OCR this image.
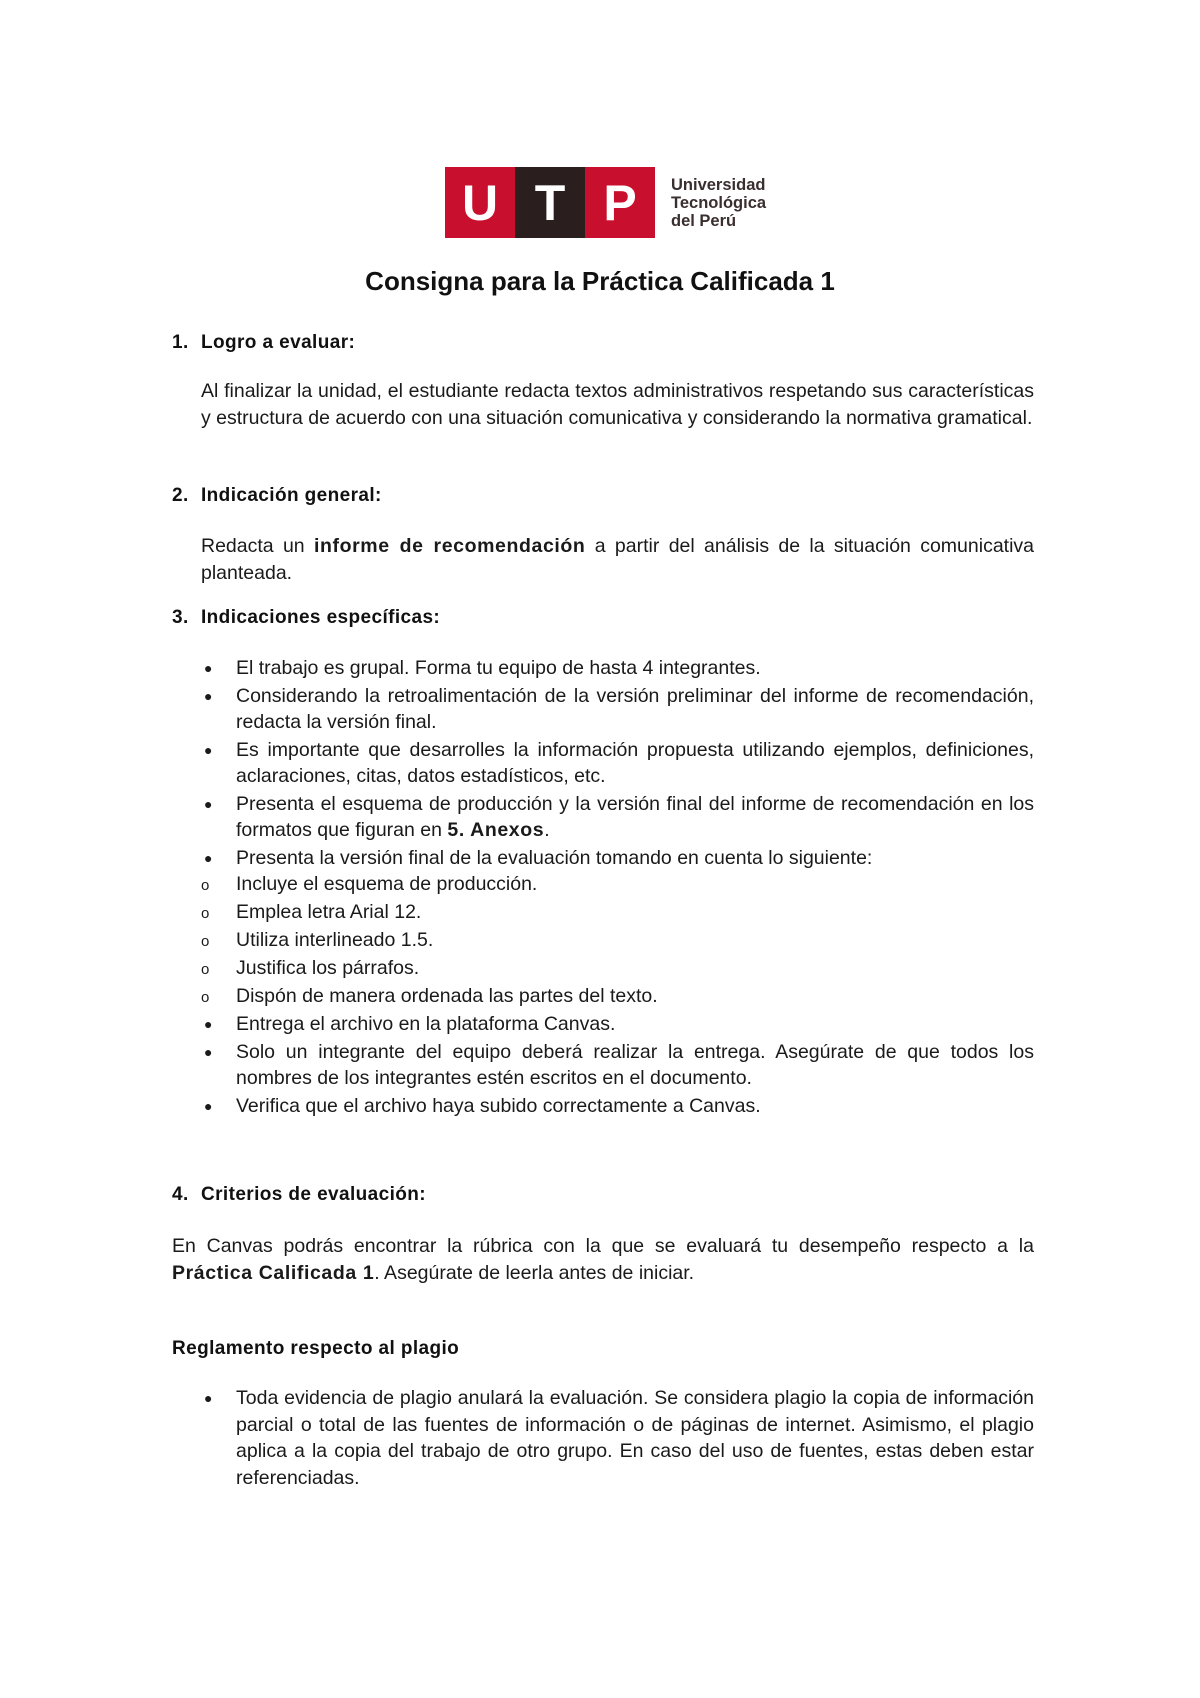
U T P	Universidad
Tecnológica
del Perú
Consigna para la Práctica Calificada 1
1. Logro a evaluar:
Al finalizar la unidad, el estudiante redacta textos administrativos respetando sus características y estructura de acuerdo con una situación comunicativa y considerando la normativa gramatical.
2. Indicación general:
Redacta un informe de recomendación a partir del análisis de la situación comunicativa planteada.
3. Indicaciones específicas:
● El trabajo es grupal. Forma tu equipo de hasta 4 integrantes.
● Considerando la retroalimentación de la versión preliminar del informe de recomendación, redacta la versión final.
● Es importante que desarrolles la información propuesta utilizando ejemplos, definiciones, aclaraciones, citas, datos estadísticos, etc.
● Presenta el esquema de producción y la versión final del informe de recomendación en los formatos que figuran en 5. Anexos.
● Presenta la versión final de la evaluación tomando en cuenta lo siguiente:
o Incluye el esquema de producción.
o Emplea letra Arial 12.
o Utiliza interlineado 1.5.
o Justifica los párrafos.
o Dispón de manera ordenada las partes del texto.
● Entrega el archivo en la plataforma Canvas.
● Solo un integrante del equipo deberá realizar la entrega. Asegúrate de que todos los nombres de los integrantes estén escritos en el documento.
● Verifica que el archivo haya subido correctamente a Canvas.
4. Criterios de evaluación:
En Canvas podrás encontrar la rúbrica con la que se evaluará tu desempeño respecto a la Práctica Calificada 1. Asegúrate de leerla antes de iniciar.
Reglamento respecto al plagio
● Toda evidencia de plagio anulará la evaluación. Se considera plagio la copia de información parcial o total de las fuentes de información o de páginas de internet. Asimismo, el plagio aplica a la copia del trabajo de otro grupo. En caso del uso de fuentes, estas deben estar referenciadas.
